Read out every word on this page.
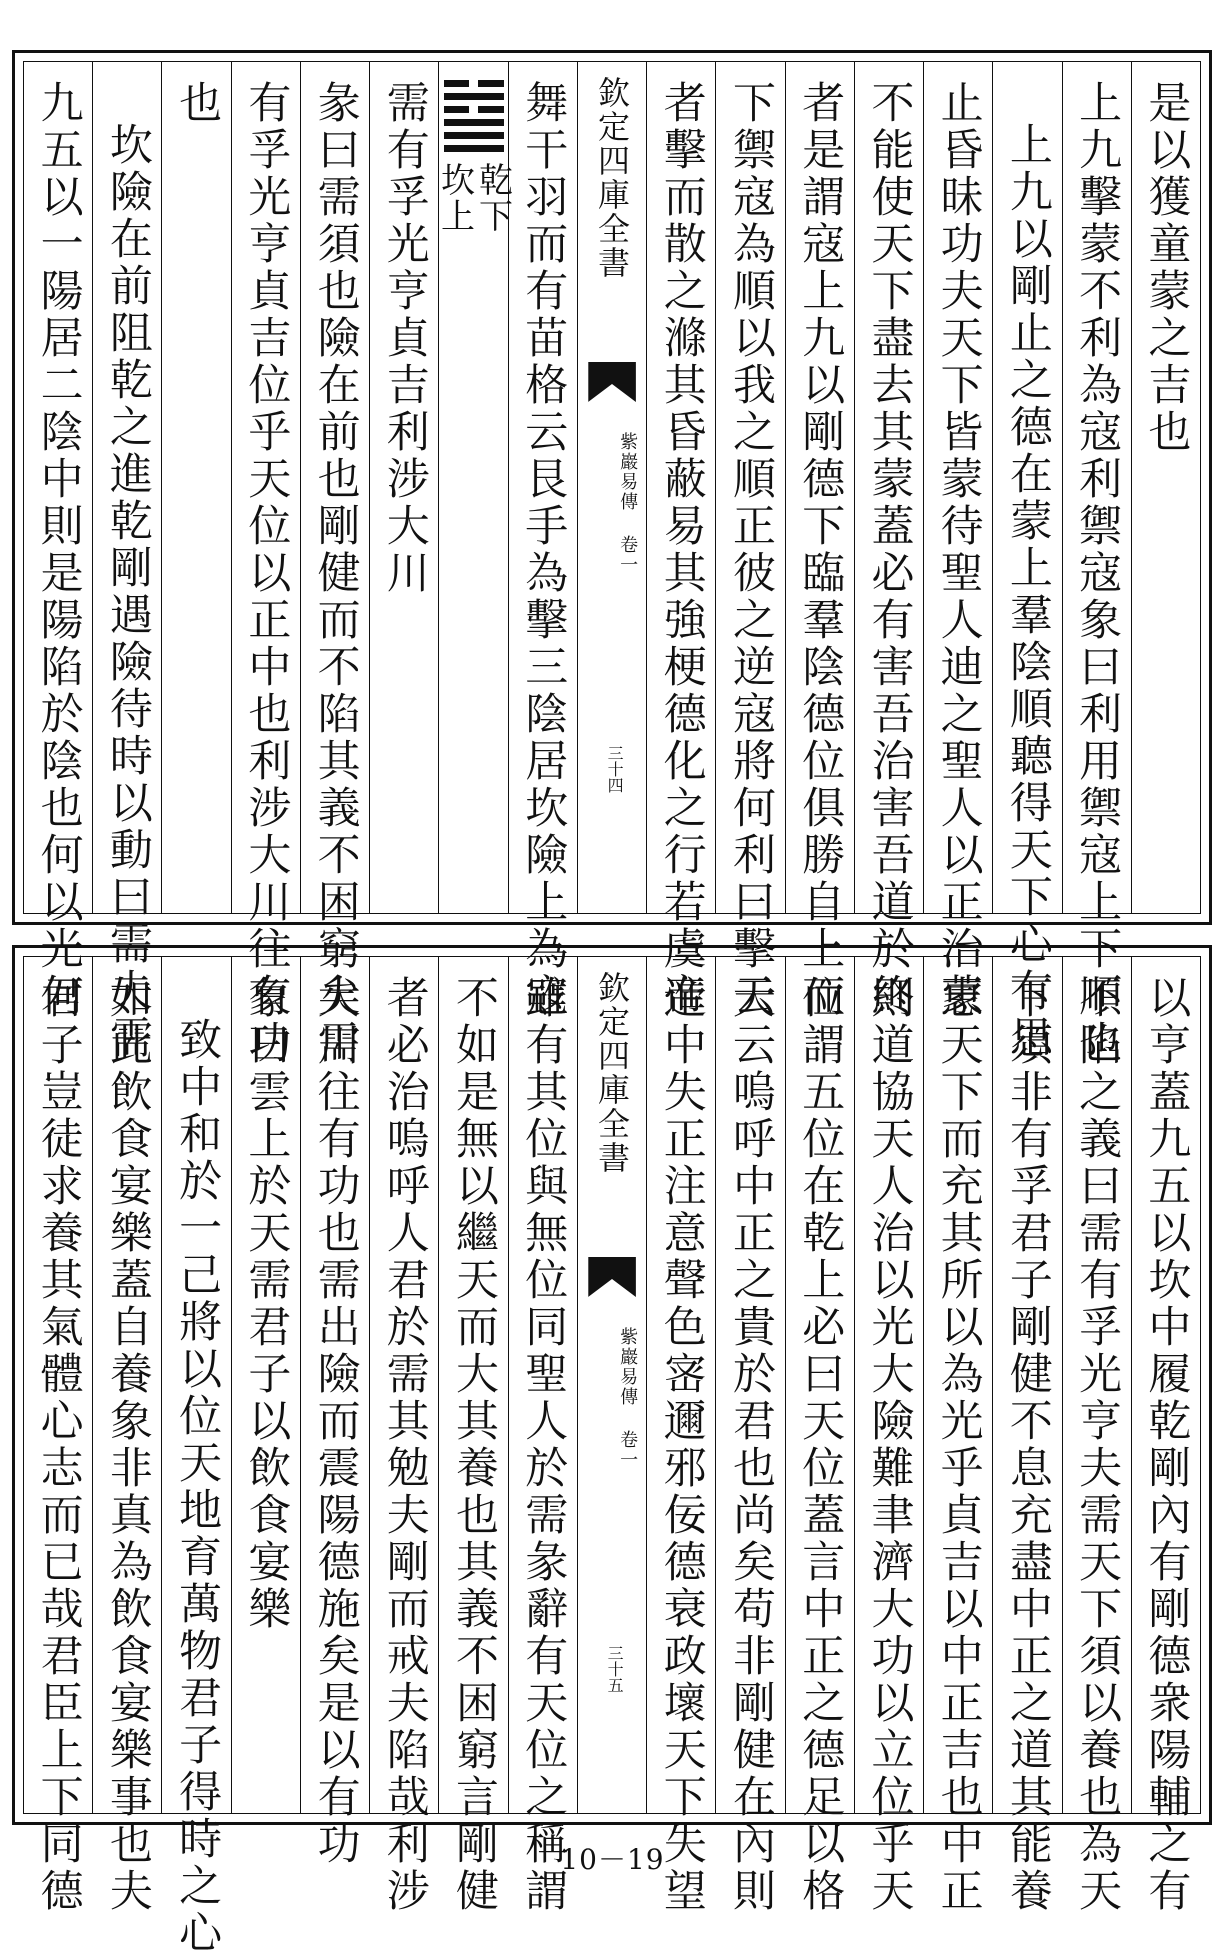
是以獲童蒙之吉也
上九擊蒙不利為寇利禦寇象曰利用禦寇上下順也
上九以剛止之德在蒙上羣陰順聽得天下心有思
止昏昧功夫天下皆蒙待聖人迪之聖人以正治蒙
不能使天下盡去其蒙蓋必有害吾治害吾道於終
者是謂寇上九以剛德下臨羣陰德位俱勝自上而
下禦寇為順以我之順正彼之逆寇將何利曰擊云
者擊而散之滌其昏蔽易其強梗德化之行若虞帝
欽定四庫全書
紫巖易傳 卷一
三十四
舞干羽而有苗格云艮手為擊三陰居坎險上為寇
乾下
坎上
需有孚光亨貞吉利涉大川
彖曰需須也險在前也剛健而不陷其義不困窮矣需
有孚光亨貞吉位乎天位以正中也利涉大川往有功
也
坎險在前阻乾之進乾剛遇險待時以動曰需夫需
九五以一陽居二陰中則是陽陷於陰也何以光何
以亨蓋九五以坎中履乾剛內有剛德衆陽輔之有
不陷之義曰需有孚光亨夫需天下須以養也為天
下須非有孚君子剛健不息充盡中正之道其能養
恵天下而充其所以為光乎貞吉以中正吉也中正
則道協天人治以光大險難聿濟大功以立位乎天
位謂五位在乾上必曰天位蓋言中正之德足以格
天云嗚呼中正之貴於君也尚矣苟非剛健在內則
進中失正注意聲色宻邇邪佞德衰政壞天下失望
欽定四庫全書
紫巖易傳 卷一
三十五
雖有其位與無位同聖人於需彖辭有天位之稱謂
不如是無以繼天而大其養也其義不困窮言剛健
者必治嗚呼人君於需其勉夫剛而戒夫陷哉利涉
大川往有功也需出險而震陽德施矣是以有功
象曰雲上於天需君子以飲食宴樂
致中和於一己將以位天地育萬物君子得時之心
如此飲食宴樂蓋自養象非真為飲食宴樂事也夫
君子豈徒求養其氣體心志而已哉君臣上下同德	10－19
